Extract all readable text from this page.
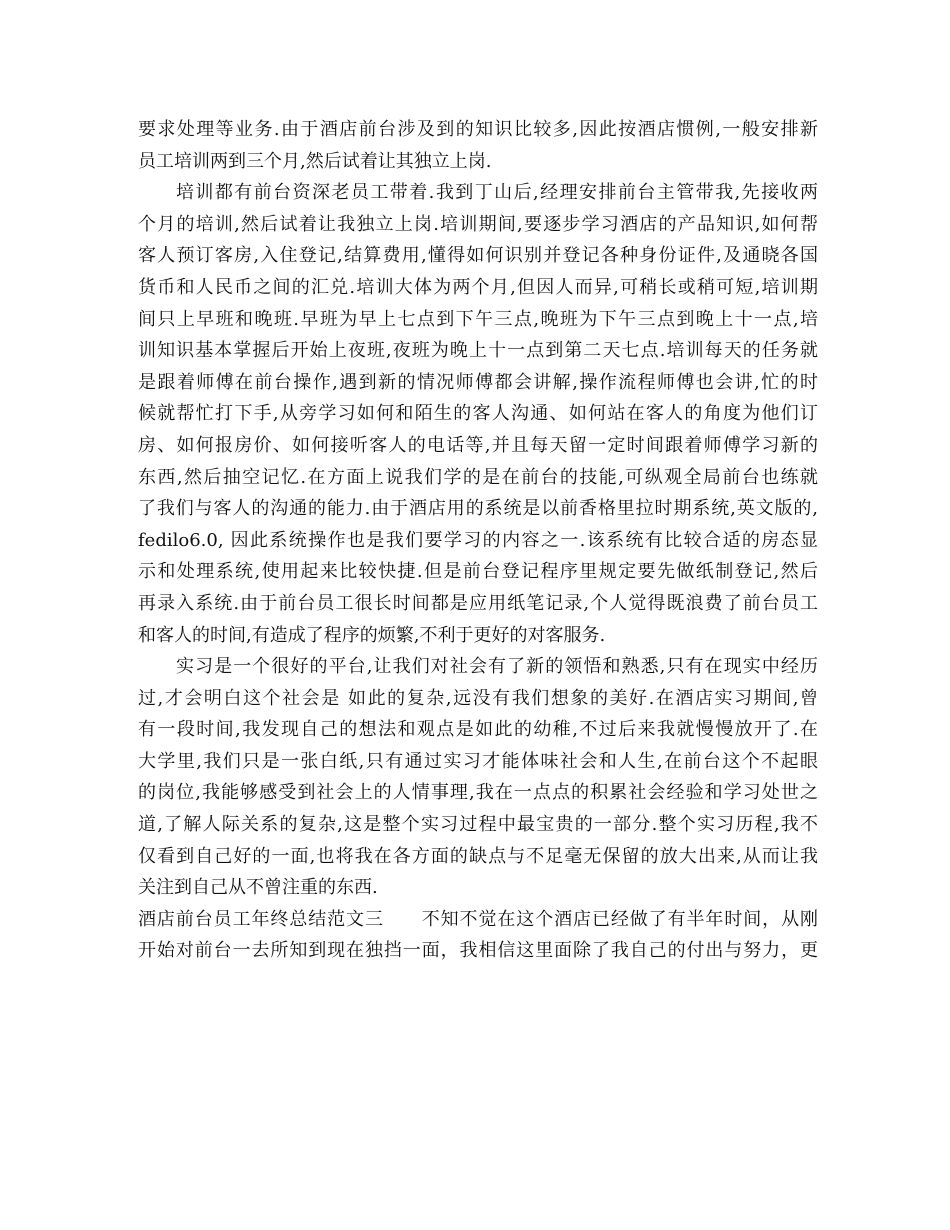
要求处理等业务.由于酒店前台涉及到的知识比较多,因此按酒店惯例,一般安排新
员工培训两到三个月,然后试着让其独立上岗.
培训都有前台资深老员工带着.我到丁山后,经理安排前台主管带我,先接收两
个月的培训,然后试着让我独立上岗.培训期间,要逐步学习酒店的产品知识,如何帮
客人预订客房,入住登记,结算费用,懂得如何识别并登记各种身份证件,及通晓各国
货币和人民币之间的汇兑.培训大体为两个月,但因人而异,可稍长或稍可短,培训期
间只上早班和晚班.早班为早上七点到下午三点,晚班为下午三点到晚上十一点,培
训知识基本掌握后开始上夜班,夜班为晚上十一点到第二天七点.培训每天的任务就
是跟着师傅在前台操作,遇到新的情况师傅都会讲解,操作流程师傅也会讲,忙的时
候就帮忙打下手,从旁学习如何和陌生的客人沟通、如何站在客人的角度为他们订
房、如何报房价、如何接听客人的电话等,并且每天留一定时间跟着师傅学习新的
东西,然后抽空记忆.在方面上说我们学的是在前台的技能,可纵观全局前台也练就
了我们与客人的沟通的能力.由于酒店用的系统是以前香格里拉时期系统,英文版的,
fedilo6.0, 因此系统操作也是我们要学习的内容之一.该系统有比较合适的房态显
示和处理系统,使用起来比较快捷.但是前台登记程序里规定要先做纸制登记,然后
再录入系统.由于前台员工很长时间都是应用纸笔记录,个人觉得既浪费了前台员工
和客人的时间,有造成了程序的烦繁,不利于更好的对客服务.
实习是一个很好的平台,让我们对社会有了新的领悟和熟悉,只有在现实中经历
过,才会明白这个社会是 如此的复杂,远没有我们想象的美好.在酒店实习期间,曾
有一段时间,我发现自己的想法和观点是如此的幼稚,不过后来我就慢慢放开了.在
大学里,我们只是一张白纸,只有通过实习才能体味社会和人生,在前台这个不起眼
的岗位,我能够感受到社会上的人情事理,我在一点点的积累社会经验和学习处世之
道,了解人际关系的复杂,这是整个实习过程中最宝贵的一部分.整个实习历程,我不
仅看到自己好的一面,也将我在各方面的缺点与不足毫无保留的放大出来,从而让我
关注到自己从不曾注重的东西.
酒店前台员工年终总结范文三　　不知不觉在这个酒店已经做了有半年时间，从刚
开始对前台一去所知到现在独挡一面，我相信这里面除了我自己的付出与努力，更
